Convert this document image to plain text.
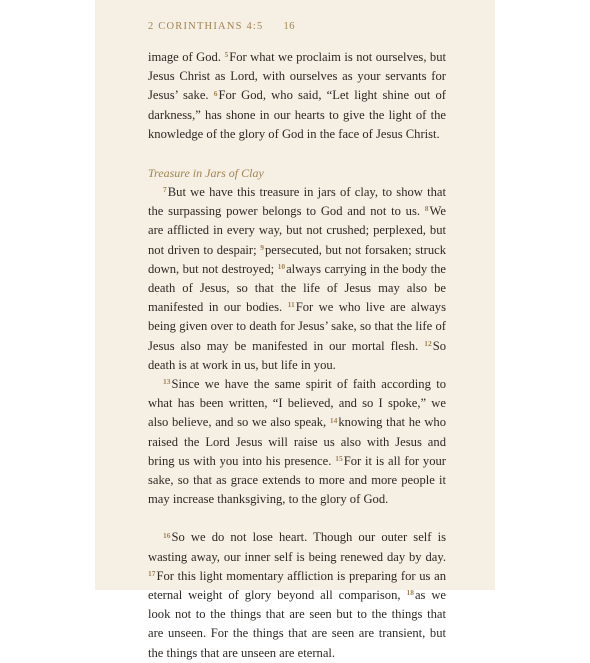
2 CORINTHIANS 4:5 16

image of God. $^5$For what we proclaim is not ourselves, but Jesus Christ as Lord, with ourselves as your servants for Jesus’ sake. $^6$For God, who said, “Let light shine out of darkness,” has shone in our hearts to give the light of the knowledge of the glory of God in the face of Jesus Christ.

Treasure in Jars of Clay

$^7$But we have this treasure in jars of clay, to show that the surpassing power belongs to God and not to us. $^8$We are afflicted in every way, but not crushed; perplexed, but not driven to despair; $^9$persecuted, but not forsaken; struck down, but not destroyed; $^{10}$always carrying in the body the death of Jesus, so that the life of Jesus may also be manifested in our bodies. $^{11}$For we who live are always being given over to death for Jesus’ sake, so that the life of Jesus also may be manifested in our mortal flesh. $^{12}$So death is at work in us, but life in you.

$^{13}$Since we have the same spirit of faith according to what has been written, “I believed, and so I spoke,” we also believe, and so we also speak, $^{14}$knowing that he who raised the Lord Jesus will raise us also with Jesus and bring us with you into his presence. $^{15}$For it is all for your sake, so that as grace extends to more and more people it may increase thanksgiving, to the glory of God.

$^{16}$So we do not lose heart. Though our outer self is wasting away, our inner self is being renewed day by day. $^{17}$For this light momentary affliction is preparing for us an eternal weight of glory beyond all comparison, $^{18}$as we look not to the things that are seen but to the things that are unseen. For the things that are seen are transient, but the things that are unseen are eternal.
